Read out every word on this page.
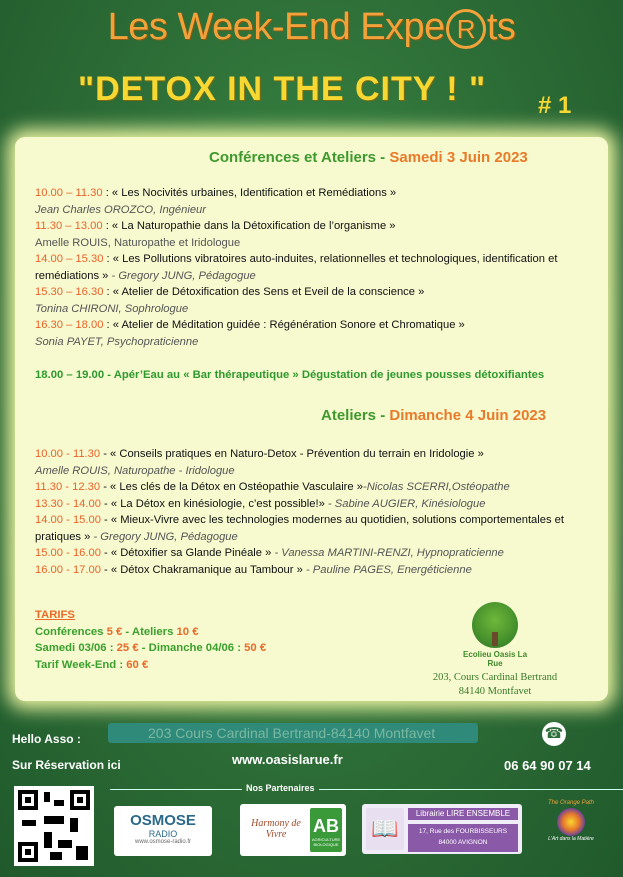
Les Week-End Expe R ts
"DETOX IN THE CITY ! " # 1
Conférences et Ateliers - Samedi 3 Juin 2023
10.00 – 11.30 : « Les Nocivités urbaines, Identification et Remédiations »
Jean Charles OROZCO, Ingénieur
11.30 – 13.00 : « La Naturopathie dans la Détoxification de l’organisme »
Amelle ROUIS, Naturopathe et Iridologue
14.00 – 15.30 : « Les Pollutions vibratoires auto-induites, relationnelles et technologiques, identification et remédiations » - Gregory JUNG, Pédagogue
15.30 – 16.30 : « Atelier de Détoxification des Sens et Eveil de la conscience »
Tonina CHIRONI, Sophrologue
16.30 – 18.00 : « Atelier de Méditation guidée : Régénération Sonore et Chromatique »
Sonia PAYET, Psychopraticienne
18.00 – 19.00 - Apér’Eau au « Bar thérapeutique » Dégustation de jeunes pousses détoxifiantes
Ateliers - Dimanche 4 Juin 2023
10.00 - 11.30 - « Conseils pratiques en Naturo-Detox - Prévention du terrain en Iridologie »
Amelle ROUIS, Naturopathe - Iridologue
11.30 - 12.30 - « Les clés de la Détox en Ostéopathie Vasculaire »-Nicolas SCERRI,Ostéopathe
13.30 - 14.00 - « La Détox en kinésiologie, c’est possible!» - Sabine AUGIER, Kinésiologue
14.00 - 15.00 - « Mieux-Vivre avec les technologies modernes au quotidien, solutions comportementales et pratiques » - Gregory JUNG, Pédagogue
15.00 - 16.00 - « Détoxifier sa Glande Pinéale » - Vanessa MARTINI-RENZI, Hypnopraticienne
16.00 - 17.00 - « Détox Chakramanique au Tambour » - Pauline PAGES, Energéticienne
TARIFS
Conférences 5 € - Ateliers 10 €
Samedi 03/06 : 25 € - Dimanche 04/06 : 50 €
Tarif Week-End : 60 €
Ecolieu Oasis La Rue
203, Cours Cardinal Bertrand
84140 Montfavet
Hello Asso :	203 Cours Cardinal Bertrand-84140 Montfavet	☎
Sur Réservation ici	www.oasislarue.fr	06 64 90 07 14
Nos Partenaires
OSMOSE
RADIO
www.osmose-radio.fr
Harmony de Vivre	AB
AGRICULTURE BIOLOGIQUE
📖
Librairie LIRE ENSEMBLE
17, Rue des FOURBISSEURS
84000 AVIGNON
The Orange Path
L'Art dans la Matière
